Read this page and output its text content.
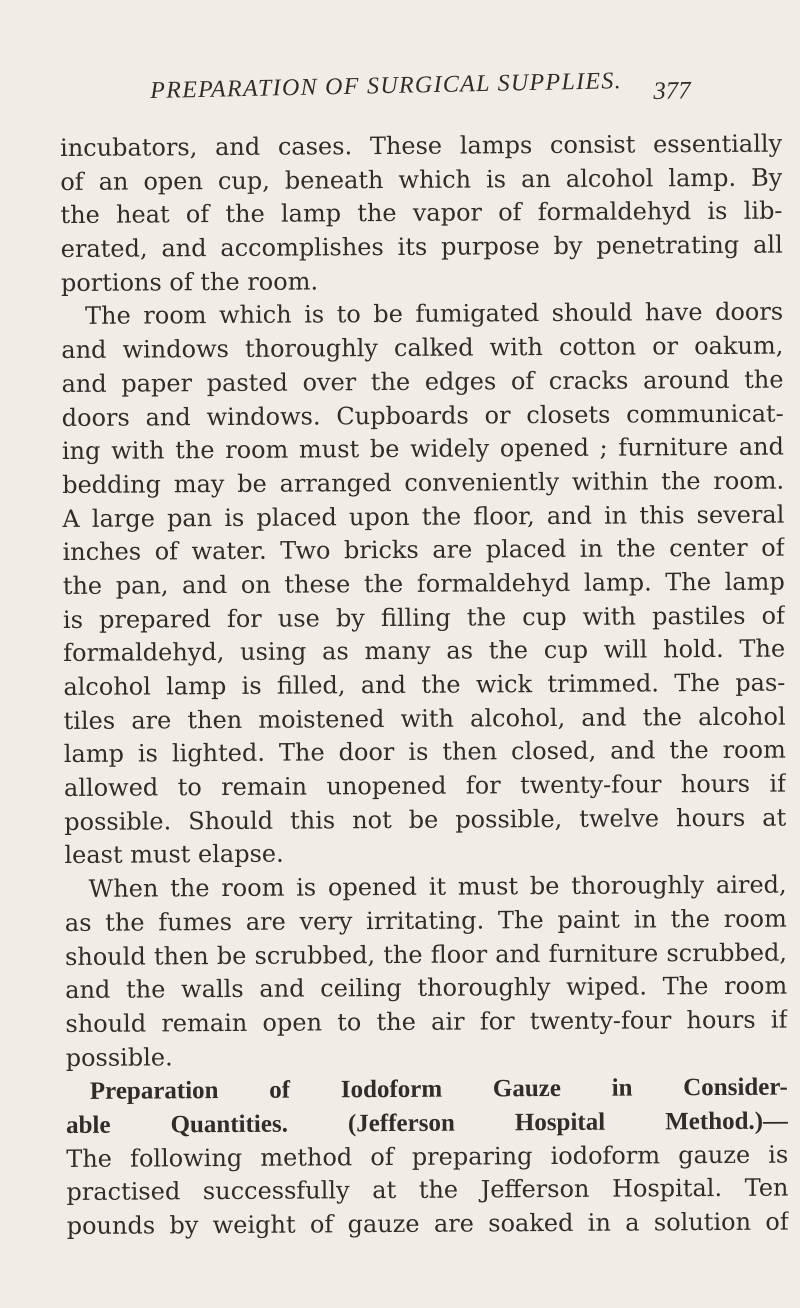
PREPARATION OF SURGICAL SUPPLIES. 377
incubators, and cases. These lamps consist essentially
of an open cup, beneath which is an alcohol lamp. By
the heat of the lamp the vapor of formaldehyd is lib-
erated, and accomplishes its purpose by penetrating all
portions of the room.
The room which is to be fumigated should have doors
and windows thoroughly calked with cotton or oakum,
and paper pasted over the edges of cracks around the
doors and windows. Cupboards or closets communicat-
ing with the room must be widely opened ; furniture and
bedding may be arranged conveniently within the room.
A large pan is placed upon the floor, and in this several
inches of water. Two bricks are placed in the center of
the pan, and on these the formaldehyd lamp. The lamp
is prepared for use by filling the cup with pastiles of
formaldehyd, using as many as the cup will hold. The
alcohol lamp is filled, and the wick trimmed. The pas-
tiles are then moistened with alcohol, and the alcohol
lamp is lighted. The door is then closed, and the room
allowed to remain unopened for twenty-four hours if
possible. Should this not be possible, twelve hours at
least must elapse.
When the room is opened it must be thoroughly aired,
as the fumes are very irritating. The paint in the room
should then be scrubbed, the floor and furniture scrubbed,
and the walls and ceiling thoroughly wiped. The room
should remain open to the air for twenty-four hours if
possible.
Preparation of Iodoform Gauze in Consider-
able Quantities. (Jefferson Hospital Method.)—
The following method of preparing iodoform gauze is
practised successfully at the Jefferson Hospital. Ten
pounds by weight of gauze are soaked in a solution of
